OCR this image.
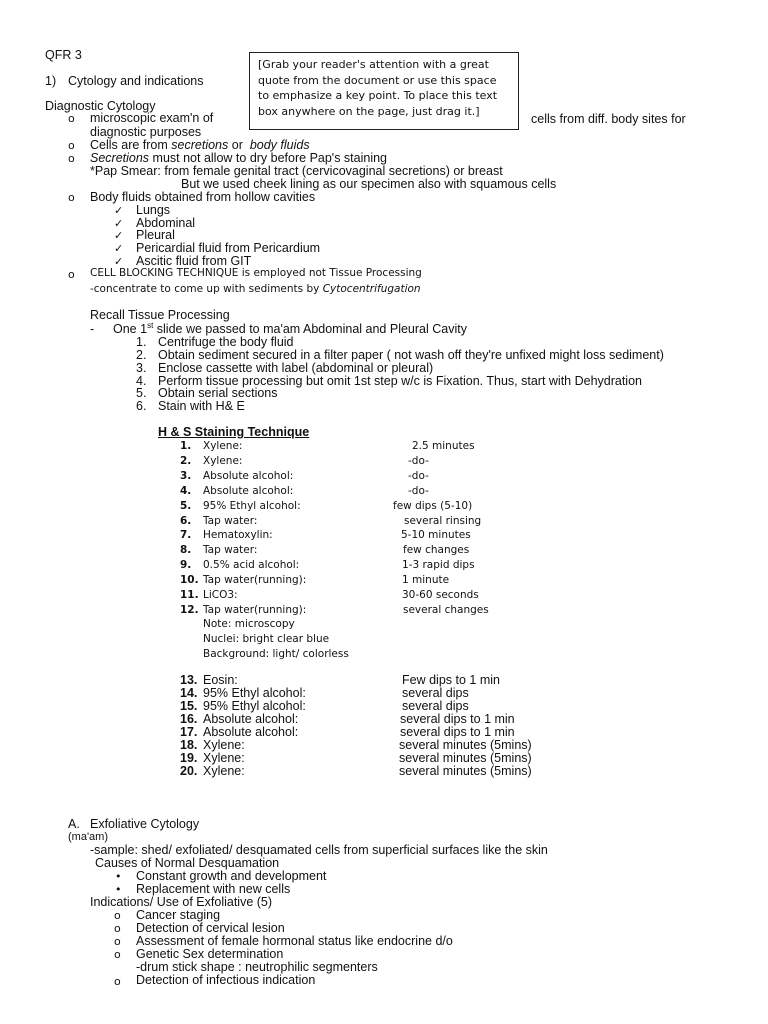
QFR 3
1) Cytology and indications
Diagnostic Cytology
o microscopic exam'n of	cells from diff. body sites for
diagnostic purposes
o Cells are from secretions or body fluids
o Secretions must not allow to dry before Pap's staining
*Pap Smear: from female genital tract (cervicovaginal secretions) or breast
But we used cheek lining as our specimen also with squamous cells
o Body fluids obtained from hollow cavities
✓ Lungs
✓ Abdominal
✓ Pleural
✓ Pericardial fluid from Pericardium
✓ Ascitic fluid from GIT
o CELL BLOCKING TECHNIQUE is employed not Tissue Processing
-concentrate to come up with sediments by Cytocentrifugation
[Grab your reader's attention with a great quote from the document or use this space to emphasize a key point. To place this text box anywhere on the page, just drag it.]
Recall Tissue Processing
- One 1st slide we passed to ma'am Abdominal and Pleural Cavity
1. Centrifuge the body fluid
2. Obtain sediment secured in a filter paper ( not wash off they're unfixed might loss sediment)
3. Enclose cassette with label (abdominal or pleural)
4. Perform tissue processing but omit 1st step w/c is Fixation. Thus, start with Dehydration
5. Obtain serial sections
6. Stain with H& E
H & S Staining Technique
1. Xylene:	2.5 minutes
2. Xylene:	-do-
3. Absolute alcohol:	-do-
4. Absolute alcohol:	-do-
5. 95% Ethyl alcohol:	few dips (5-10)
6. Tap water:	several rinsing
7. Hematoxylin:	5-10 minutes
8. Tap water:	few changes
9. 0.5% acid alcohol:	1-3 rapid dips
10. Tap water(running):	1 minute
11. LiCO3:	30-60 seconds
12. Tap water(running):	several changes
Note: microscopy
Nuclei: bright clear blue
Background: light/ colorless
13. Eosin:	Few dips to 1 min
14. 95% Ethyl alcohol:	several dips
15. 95% Ethyl alcohol:	several dips
16. Absolute alcohol:	several dips to 1 min
17. Absolute alcohol:	several dips to 1 min
18. Xylene:	several minutes (5mins)
19. Xylene:	several minutes (5mins)
20. Xylene:	several minutes (5mins)
A. Exfoliative Cytology
(ma'am)
-sample: shed/ exfoliated/ desquamated cells from superficial surfaces like the skin
Causes of Normal Desquamation
• Constant growth and development
• Replacement with new cells
Indications/ Use of Exfoliative (5)
o Cancer staging
o Detection of cervical lesion
o Assessment of female hormonal status like endocrine d/o
o Genetic Sex determination
-drum stick shape : neutrophilic segmenters
o Detection of infectious indication
